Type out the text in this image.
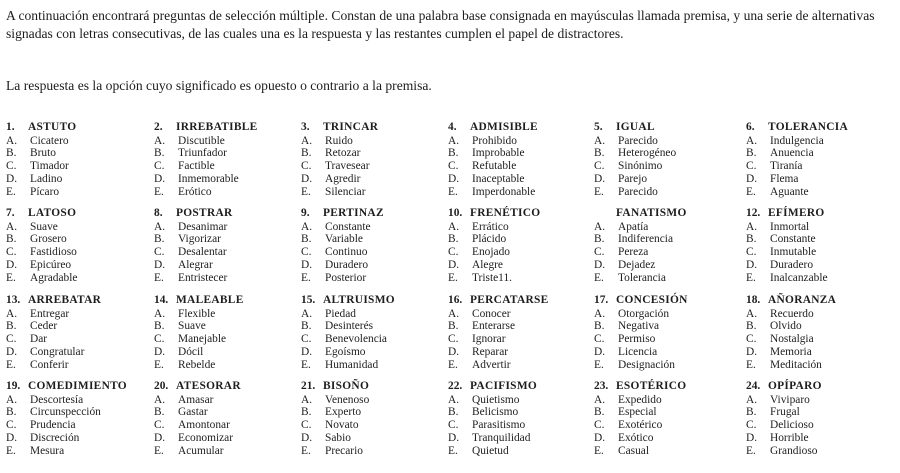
A continuación encontrará preguntas de selección múltiple. Constan de una palabra base consignada en mayúsculas llamada premisa, y una serie de alternativas signadas con letras consecutivas, de las cuales una es la respuesta y las restantes cumplen el papel de distractores.

La respuesta es la opción cuyo significado es opuesto o contrario a la premisa.

1. ASTUTO
A. Cicatero
B. Bruto
C. Timador
D. Ladino
E. Pícaro
2. IRREBATIBLE
A. Discutible
B. Triunfador
C. Factible
D. Inmemorable
E. Erótico
3. TRINCAR
A. Ruido
B. Retozar
C. Travesear
D. Agredir
E. Silenciar
4. ADMISIBLE
A. Prohibido
B. Improbable
C. Refutable
D. Inaceptable
E. Imperdonable
5. IGUAL
A. Parecido
B. Heterogéneo
C. Sinónimo
D. Parejo
E. Parecido
6. TOLERANCIA
A. Indulgencia
B. Anuencia
C. Tiranía
D. Flema
E. Aguante
7. LATOSO
A. Suave
B. Grosero
C. Fastidioso
D. Epicúreo
E. Agradable
8. POSTRAR
A. Desanimar
B. Vigorizar
C. Desalentar
D. Alegrar
E. Entristecer
9. PERTINAZ
A. Constante
B. Variable
C. Continuo
D. Duradero
E. Posterior
10. FRENÉTICO
A. Errático
B. Plácido
C. Enojado
D. Alegre
E. Triste11.
FANATISMO
A. Apatía
B. Indiferencia
C. Pereza
D. Dejadez
E. Tolerancia
12. EFÍMERO
A. Inmortal
B. Constante
C. Inmutable
D. Duradero
E. Inalcanzable
13. ARREBATAR
A. Entregar
B. Ceder
C. Dar
D. Congratular
E. Conferir
14. MALEABLE
A. Flexible
B. Suave
C. Manejable
D. Dócil
E. Rebelde
15. ALTRUISMO
A. Piedad
B. Desinterés
C. Benevolencia
D. Egoísmo
E. Humanidad
16. PERCATARSE
A. Conocer
B. Enterarse
C. Ignorar
D. Reparar
E. Advertir
17. CONCESIÓN
A. Otorgación
B. Negativa
C. Permiso
D. Licencia
E. Designación
18. AÑORANZA
A. Recuerdo
B. Olvido
C. Nostalgia
D. Memoria
E. Meditación
19. COMEDIMIENTO
A. Descortesía
B. Circunspección
C. Prudencia
D. Discreción
E. Mesura
20. ATESORAR
A. Amasar
B. Gastar
C. Amontonar
D. Economizar
E. Acumular
21. BISOÑO
A. Venenoso
B. Experto
C. Novato
D. Sabio
E. Precario
22. PACIFISMO
A. Quietismo
B. Belicismo
C. Parasitismo
D. Tranquilidad
E. Quietud
23. ESOTÉRICO
A. Expedido
B. Especial
C. Exotérico
D. Exótico
E. Casual
24. OPÍPARO
A. Viviparo
B. Frugal
C. Delicioso
D. Horrible
E. Grandioso
